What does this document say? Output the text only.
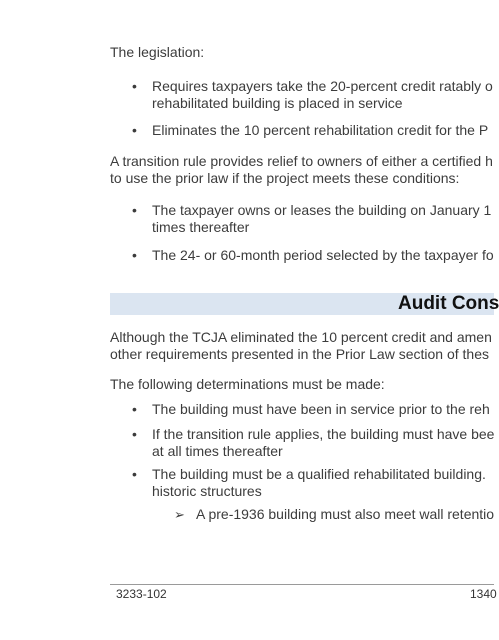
The legislation:
• Requires taxpayers take the 20-percent credit ratably o
rehabilitated building is placed in service
• Eliminates the 10 percent rehabilitation credit for the P
A transition rule provides relief to owners of either a certified h
to use the prior law if the project meets these conditions:
• The taxpayer owns or leases the building on January 1
times thereafter
• The 24- or 60-month period selected by the taxpayer fo
Audit Cons
Although the TCJA eliminated the 10 percent credit and amen
other requirements presented in the Prior Law section of thes
The following determinations must be made:
• The building must have been in service prior to the reh
• If the transition rule applies, the building must have bee
at all times thereafter
• The building must be a qualified rehabilitated building.
historic structures
➢ A pre-1936 building must also meet wall retentio
3233-102	1340
